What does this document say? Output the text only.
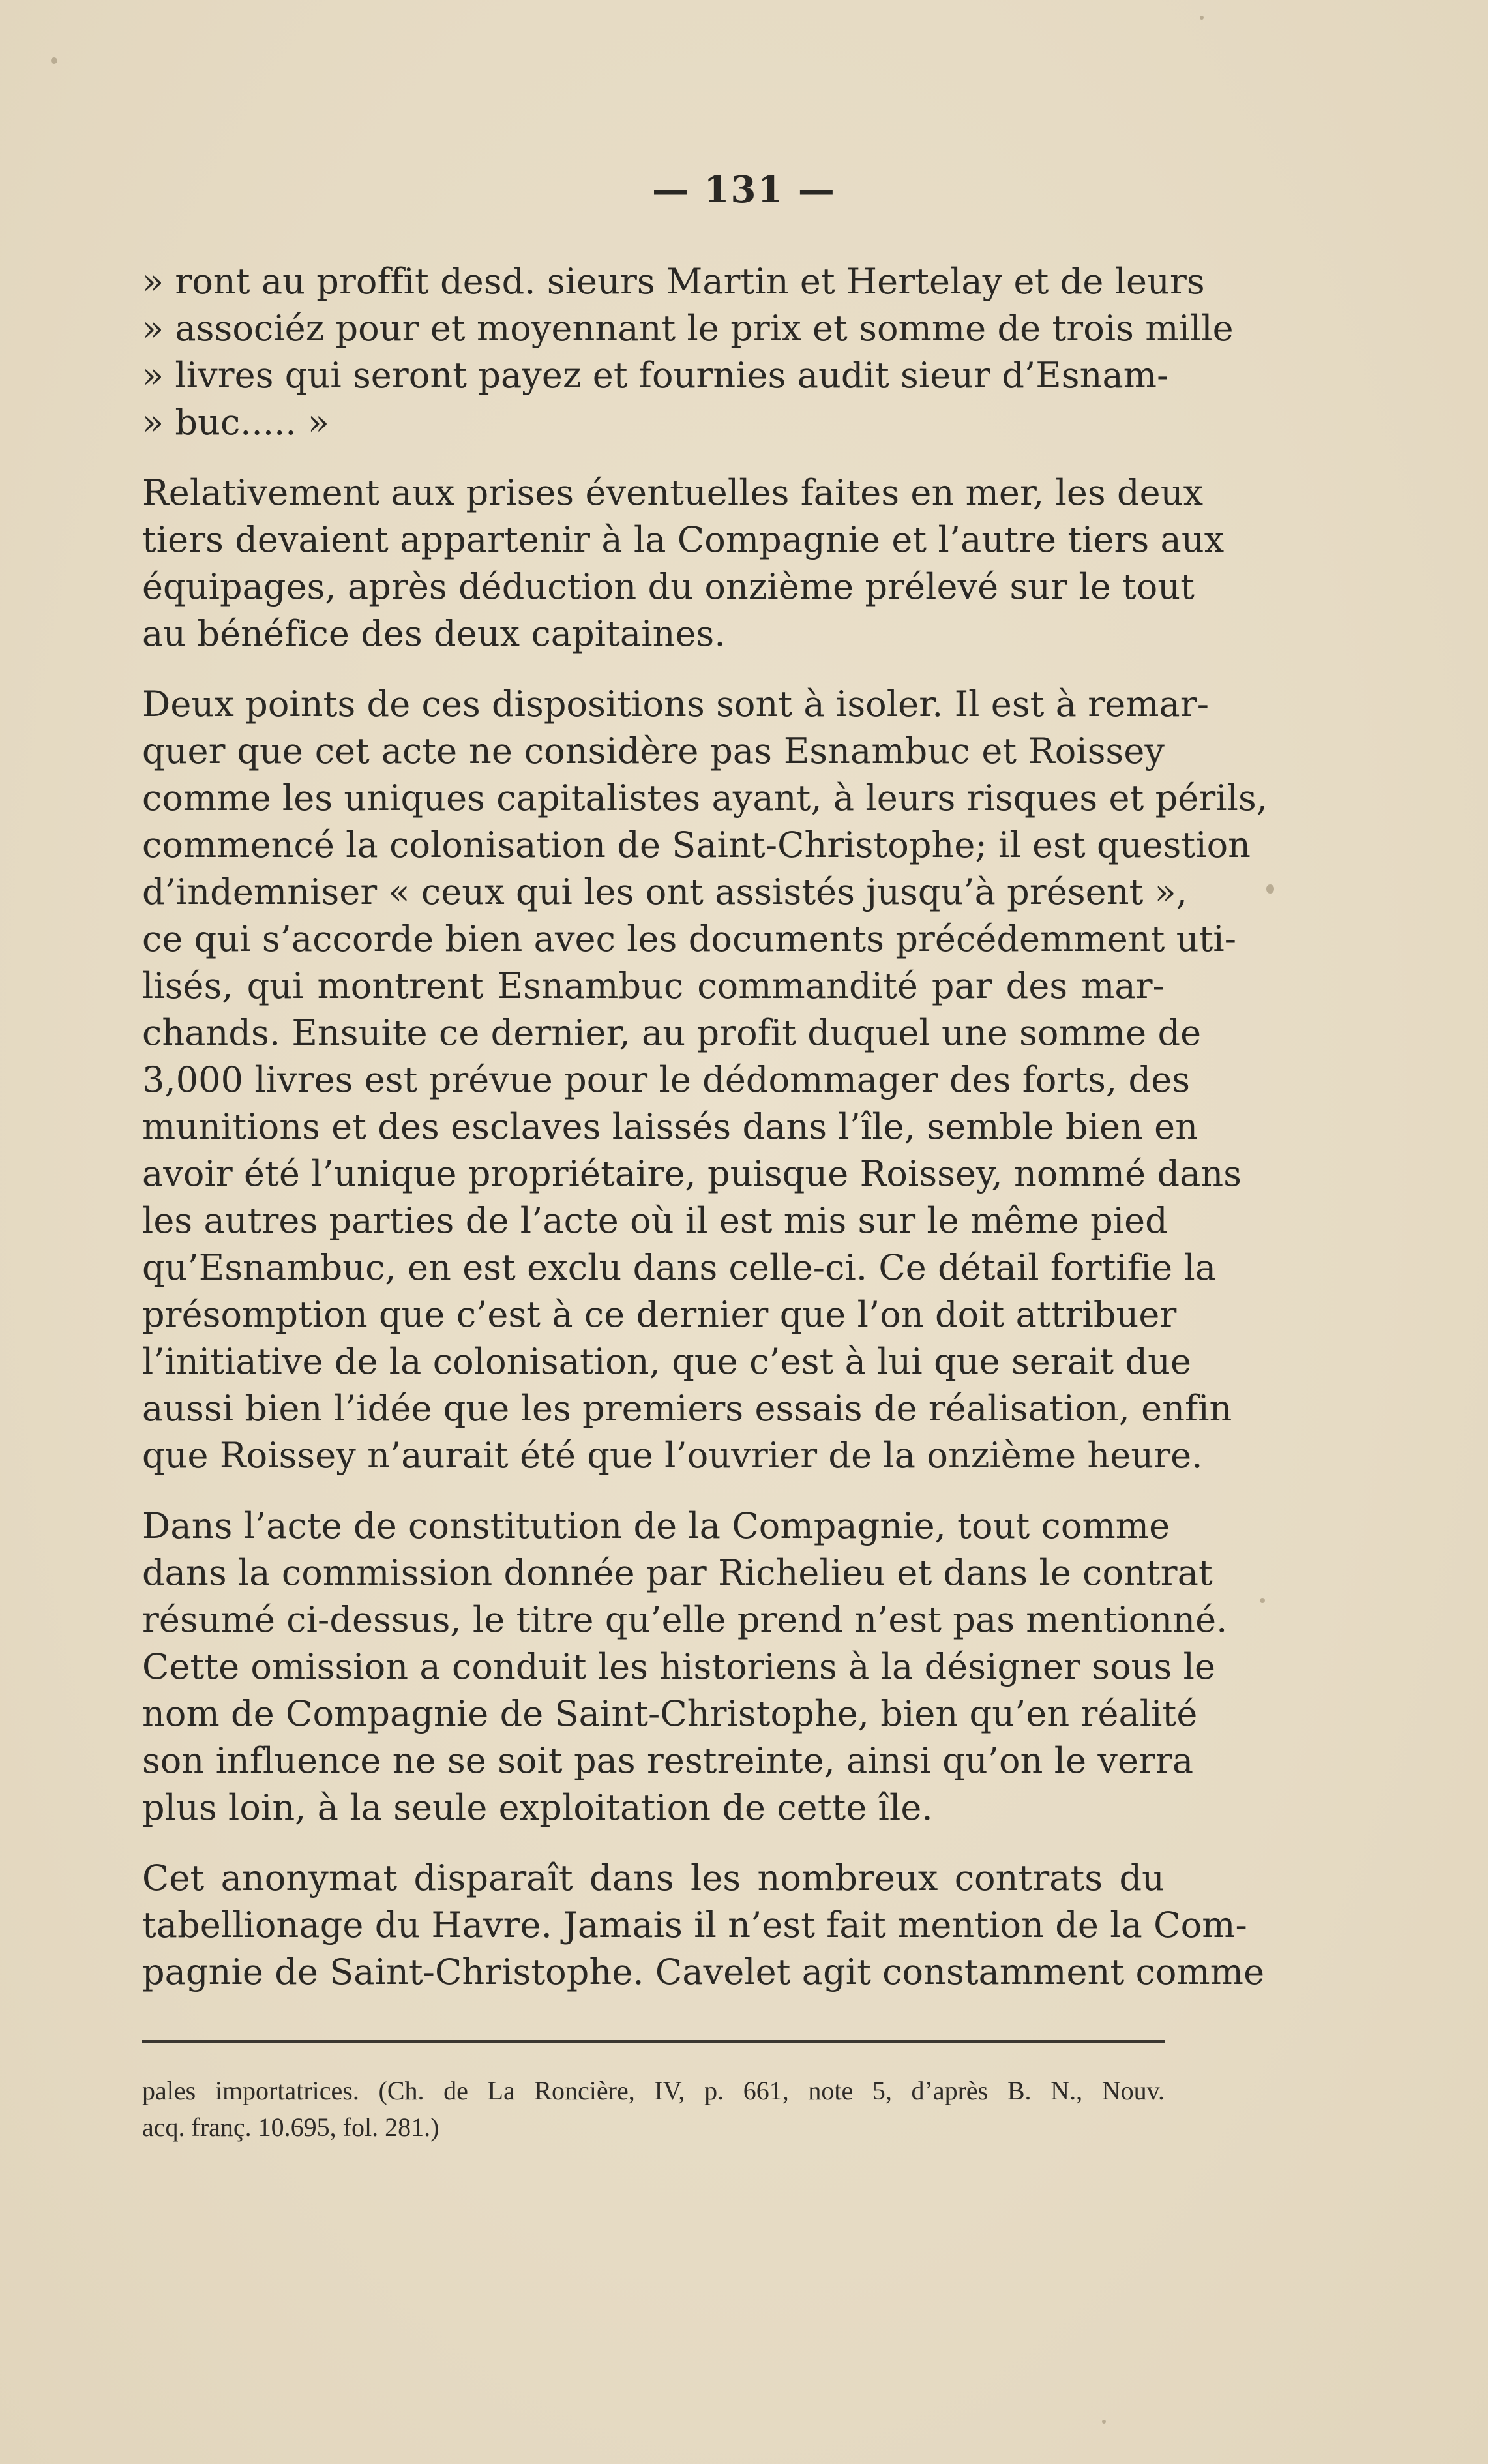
— 131 —
» ront au proffit desd. sieurs Martin et Hertelay et de leurs
» associéz pour et moyennant le prix et somme de trois mille
» livres qui seront payez et fournies audit sieur d’Esnam-
» buc..... »
Relativement aux prises éventuelles faites en mer, les deux
tiers devaient appartenir à la Compagnie et l’autre tiers aux
équipages, après déduction du onzième prélevé sur le tout
au bénéfice des deux capitaines.
Deux points de ces dispositions sont à isoler. Il est à remar-
quer que cet acte ne considère pas Esnambuc et Roissey
comme les uniques capitalistes ayant, à leurs risques et périls,
commencé la colonisation de Saint-Christophe; il est question
d’indemniser « ceux qui les ont assistés jusqu’à présent »,
ce qui s’accorde bien avec les documents précédemment uti-
lisés, qui montrent Esnambuc commandité par des mar-
chands. Ensuite ce dernier, au profit duquel une somme de
3,000 livres est prévue pour le dédommager des forts, des
munitions et des esclaves laissés dans l’île, semble bien en
avoir été l’unique propriétaire, puisque Roissey, nommé dans
les autres parties de l’acte où il est mis sur le même pied
qu’Esnambuc, en est exclu dans celle-ci. Ce détail fortifie la
présomption que c’est à ce dernier que l’on doit attribuer
l’initiative de la colonisation, que c’est à lui que serait due
aussi bien l’idée que les premiers essais de réalisation, enfin
que Roissey n’aurait été que l’ouvrier de la onzième heure.
Dans l’acte de constitution de la Compagnie, tout comme
dans la commission donnée par Richelieu et dans le contrat
résumé ci-dessus, le titre qu’elle prend n’est pas mentionné.
Cette omission a conduit les historiens à la désigner sous le
nom de Compagnie de Saint-Christophe, bien qu’en réalité
son influence ne se soit pas restreinte, ainsi qu’on le verra
plus loin, à la seule exploitation de cette île.
Cet anonymat disparaît dans les nombreux contrats du
tabellionage du Havre. Jamais il n’est fait mention de la Com-
pagnie de Saint-Christophe. Cavelet agit constamment comme
pales importatrices. (Ch. de La Roncière, IV, p. 661, note 5, d’après B. N., Nouv.
acq. franç. 10.695, fol. 281.)
